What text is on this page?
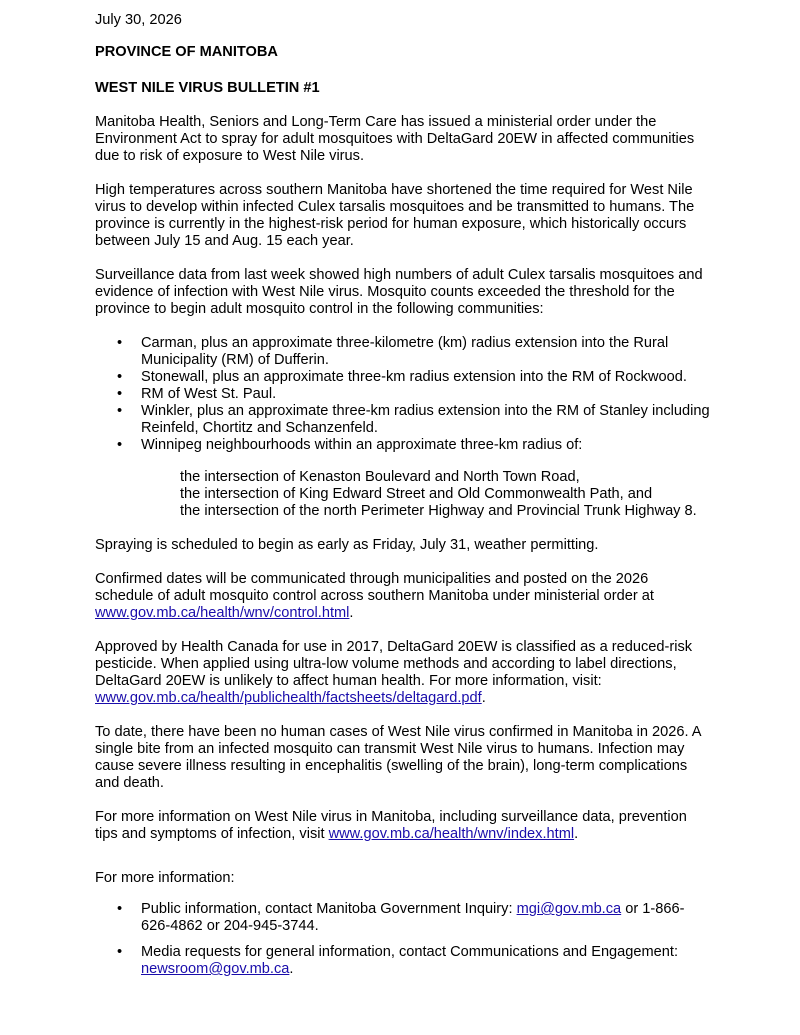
July 30, 2026

PROVINCE OF MANITOBA

WEST NILE VIRUS BULLETIN #1

Manitoba Health, Seniors and Long-Term Care has issued a ministerial order under the Environment Act to spray for adult mosquitoes with DeltaGard 20EW in affected communities due to risk of exposure to West Nile virus.

High temperatures across southern Manitoba have shortened the time required for West Nile virus to develop within infected Culex tarsalis mosquitoes and be transmitted to humans. The province is currently in the highest-risk period for human exposure, which historically occurs between July 15 and Aug. 15 each year.

Surveillance data from last week showed high numbers of adult Culex tarsalis mosquitoes and evidence of infection with West Nile virus. Mosquito counts exceeded the threshold for the province to begin adult mosquito control in the following communities:

• Carman, plus an approximate three-kilometre (km) radius extension into the Rural Municipality (RM) of Dufferin.
• Stonewall, plus an approximate three-km radius extension into the RM of Rockwood.
• RM of West St. Paul.
• Winkler, plus an approximate three-km radius extension into the RM of Stanley including Reinfeld, Chortitz and Schanzenfeld.
• Winnipeg neighbourhoods within an approximate three-km radius of:
the intersection of Kenaston Boulevard and North Town Road,
the intersection of King Edward Street and Old Commonwealth Path, and
the intersection of the north Perimeter Highway and Provincial Trunk Highway 8.

Spraying is scheduled to begin as early as Friday, July 31, weather permitting.

Confirmed dates will be communicated through municipalities and posted on the 2026 schedule of adult mosquito control across southern Manitoba under ministerial order at www.gov.mb.ca/health/wnv/control.html.

Approved by Health Canada for use in 2017, DeltaGard 20EW is classified as a reduced-risk pesticide. When applied using ultra-low volume methods and according to label directions, DeltaGard 20EW is unlikely to affect human health. For more information, visit: www.gov.mb.ca/health/publichealth/factsheets/deltagard.pdf.

To date, there have been no human cases of West Nile virus confirmed in Manitoba in 2026. A single bite from an infected mosquito can transmit West Nile virus to humans. Infection may cause severe illness resulting in encephalitis (swelling of the brain), long-term complications and death.

For more information on West Nile virus in Manitoba, including surveillance data, prevention tips and symptoms of infection, visit www.gov.mb.ca/health/wnv/index.html.

For more information:

• Public information, contact Manitoba Government Inquiry: mgi@gov.mb.ca or 1-866-626-4862 or 204-945-3744.
• Media requests for general information, contact Communications and Engagement: newsroom@gov.mb.ca.
